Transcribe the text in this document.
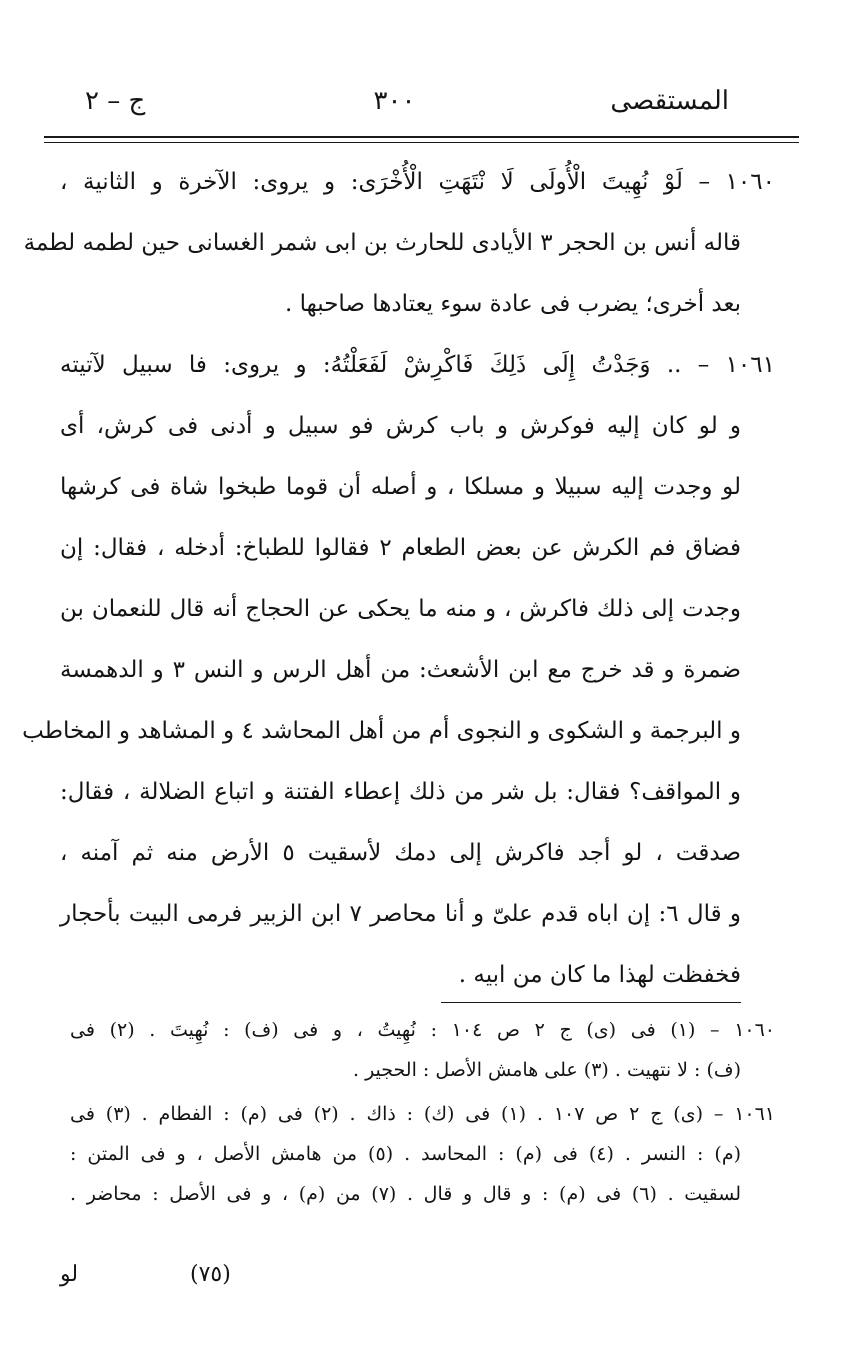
المستقصى
٣٠٠
ج – ٢
١٠٦٠ – لَوْ نُهِيتَ الْأُولَى لَا نْتَهَتِ الْأُخْرَى: و يروى: الآخرة و الثانية ،
قاله أنس بن الحجر ٣ الأيادى للحارث بن ابى شمر الغسانى حين لطمه لطمة
بعد أخرى؛ يضرب فى عادة سوء يعتادها صاحبها .
١٠٦١ – .. وَجَدْتُ إِلَى ذَلِكَ فَاكْرِشْ لَفَعَلْتُهُ: و يروى: فا سبيل لآتيته
و لو كان إليه فوكرش و باب كرش فو سبيل و أدنى فى كرش، أى
لو وجدت إليه سبيلا و مسلكا ، و أصله أن قوما طبخوا شاة فى كرشها
فضاق فم الكرش عن بعض الطعام ٢ فقالوا للطباخ: أدخله ، فقال: إن
وجدت إلى ذلك فاكرش ، و منه ما يحكى عن الحجاج أنه قال للنعمان بن
ضمرة و قد خرج مع ابن الأشعث: من أهل الرس و النس ٣ و الدهمسة
و البرجمة و الشكوى و النجوى أم من أهل المحاشد ٤ و المشاهد و المخاطب
و المواقف؟ فقال: بل شر من ذلك إعطاء الفتنة و اتباع الضلالة ، فقال:
صدقت ، لو أجد فاكرش إلى دمك لأسقيت ٥ الأرض منه ثم آمنه ،
و قال ٦: إن اباه قدم علىّ و أنا محاصر ٧ ابن الزبير فرمى البيت بأحجار
فخفظت لهذا ما كان من ابيه .
١٠٦٠ – (١) فى (ى) ج ٢ ص ١٠٤ : نُهِيتُ ، و فى (ف) : نُهِيتَ . (٢) فى
(ف) : لا نتهيت . (٣) على هامش الأصل : الحجير .
١٠٦١ – (ى) ج ٢ ص ١٠٧ . (١) فى (ك) : ذاك . (٢) فى (م) : الفطام . (٣) فى
(م) : النسر . (٤) فى (م) : المحاسد . (٥) من هامش الأصل ، و فى المتن :
لسقيت . (٦) فى (م) : و قال و قال . (٧) من (م) ، و فى الأصل : محاضر .
(٧٥)
لو
